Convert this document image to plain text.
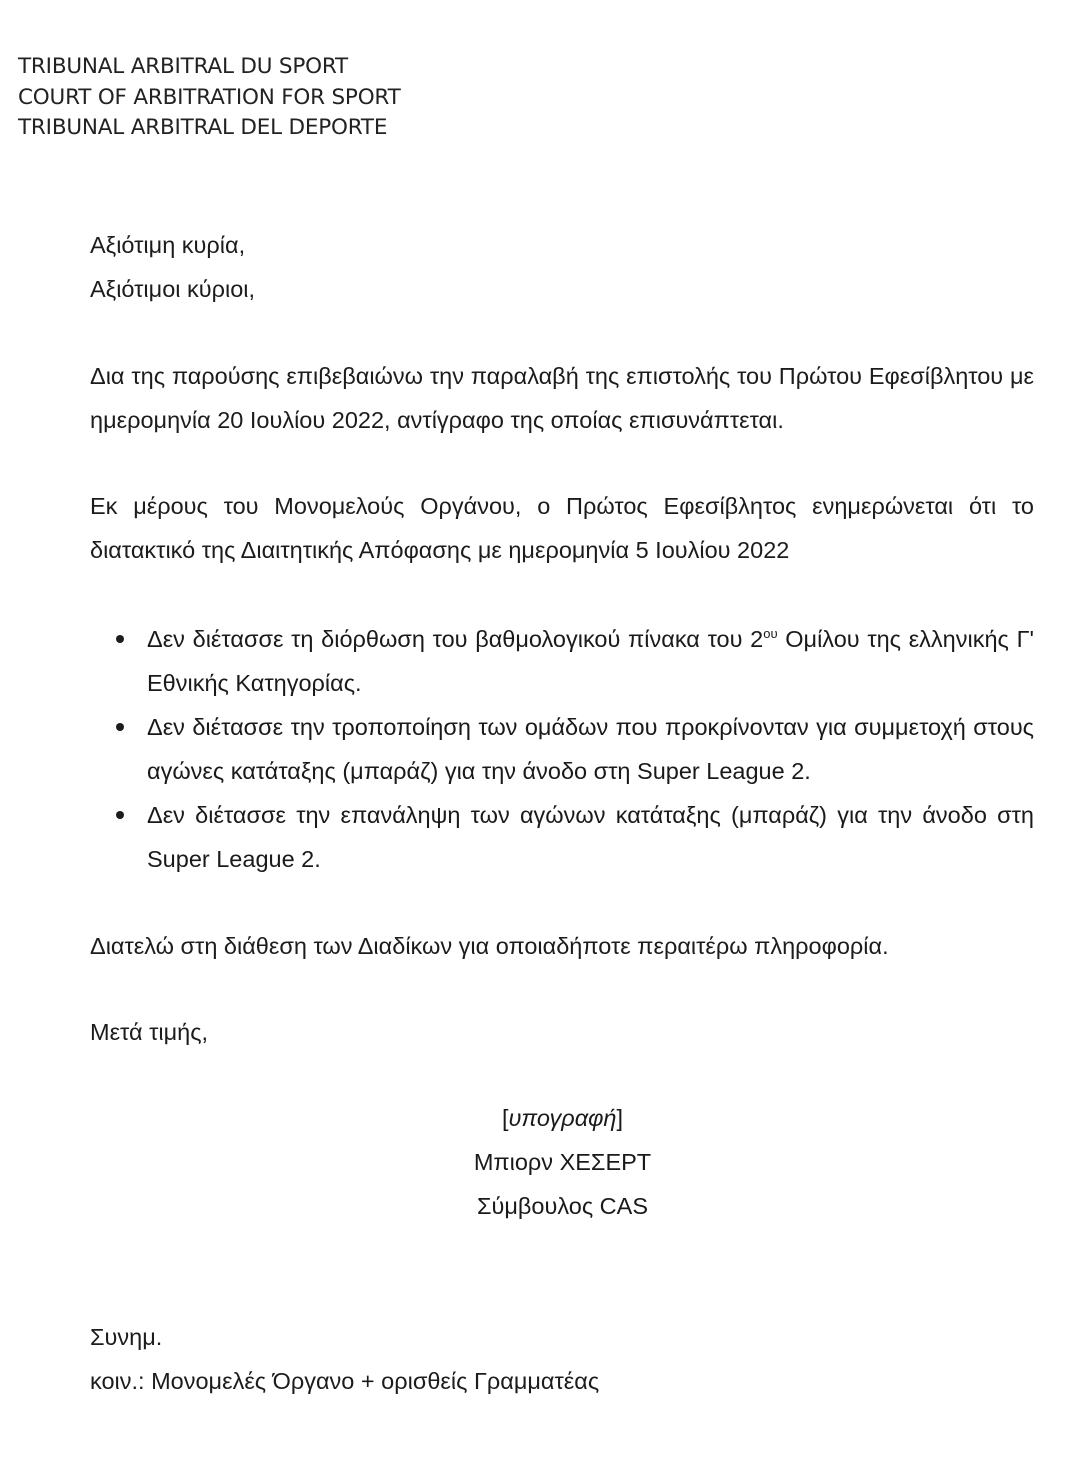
TRIBUNAL ARBITRAL DU SPORT
COURT OF ARBITRATION FOR SPORT
TRIBUNAL ARBITRAL DEL DEPORTE
Αξιότιμη κυρία,
Αξιότιμοι κύριοι,
Δια της παρούσης επιβεβαιώνω την παραλαβή της επιστολής του Πρώτου Εφεσίβλητου με ημερομηνία 20 Ιουλίου 2022, αντίγραφο της οποίας επισυνάπτεται.
Εκ μέρους του Μονομελούς Οργάνου, ο Πρώτος Εφεσίβλητος ενημερώνεται ότι το διατακτικό της Διαιτητικής Απόφασης με ημερομηνία 5 Ιουλίου 2022
Δεν διέτασσε τη διόρθωση του βαθμολογικού πίνακα του $2^{o\upsilon}$ Ομίλου της ελληνικής Γ' Εθνικής Κατηγορίας.
Δεν διέτασσε την τροποποίηση των ομάδων που προκρίνονταν για συμμετοχή στους αγώνες κατάταξης (μπαράζ) για την άνοδο στη Super League 2.
Δεν διέτασσε την επανάληψη των αγώνων κατάταξης (μπαράζ) για την άνοδο στη Super League 2.
Διατελώ στη διάθεση των Διαδίκων για οποιαδήποτε περαιτέρω πληροφορία.
Μετά τιμής,
[υπογραφή]
Μπιορν ΧΕΣΕΡΤ
Σύμβουλος CAS
Συνημ.
κοιν.: Μονομελές Όργανο + ορισθείς Γραμματέας
